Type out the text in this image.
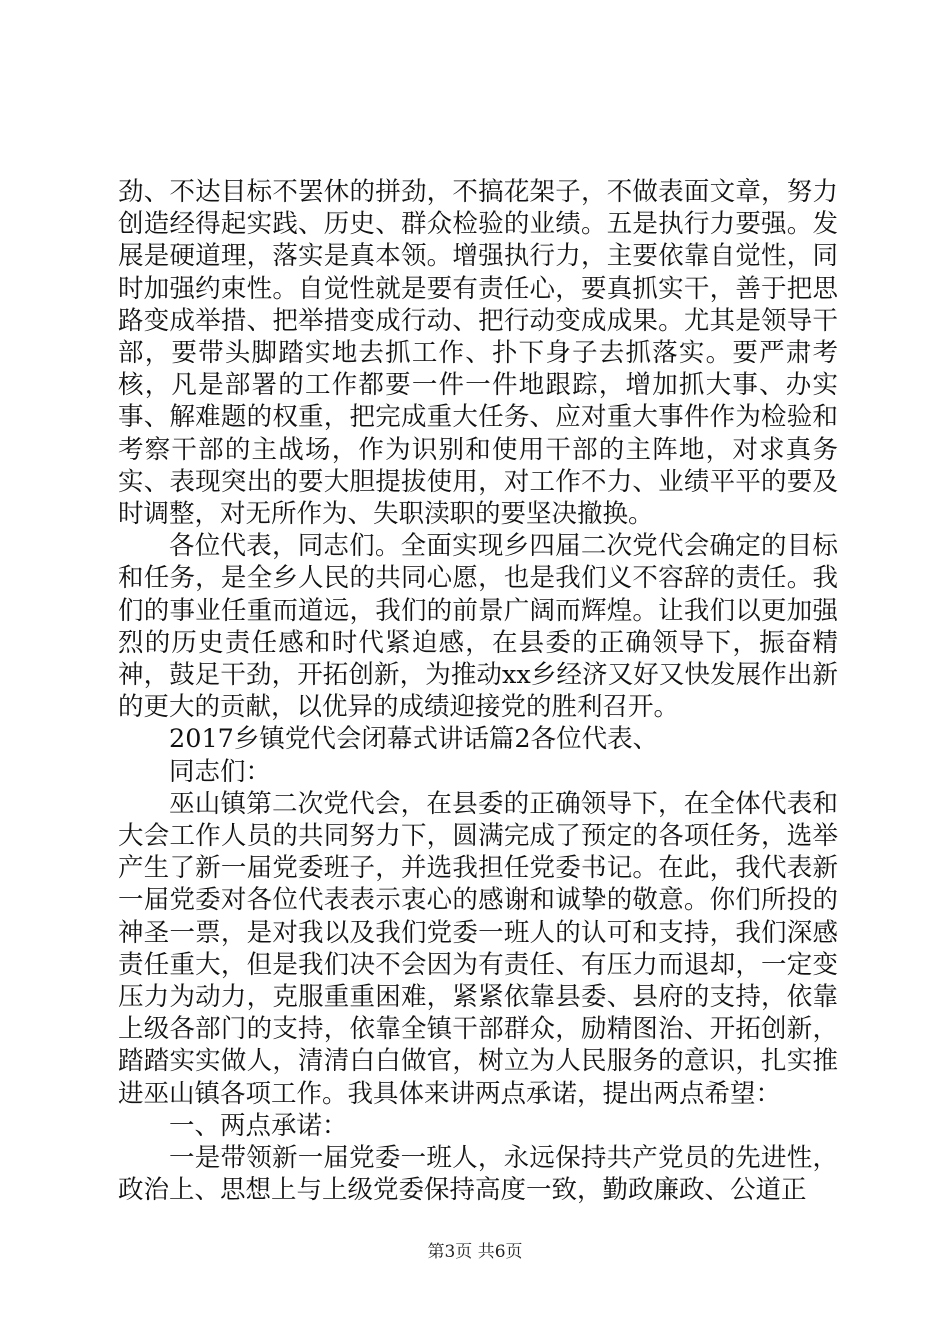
劲、不达目标不罢休的拼劲，不搞花架子，不做表面文章，努力创造经得起实践、历史、群众检验的业绩。五是执行力要强。发展是硬道理，落实是真本领。增强执行力，主要依靠自觉性，同时加强约束性。自觉性就是要有责任心，要真抓实干，善于把思路变成举措、把举措变成行动、把行动变成成果。尤其是领导干部，要带头脚踏实地去抓工作、扑下身子去抓落实。要严肃考核，凡是部署的工作都要一件一件地跟踪，增加抓大事、办实事、解难题的权重，把完成重大任务、应对重大事件作为检验和考察干部的主战场，作为识别和使用干部的主阵地，对求真务实、表现突出的要大胆提拔使用，对工作不力、业绩平平的要及时调整，对无所作为、失职渎职的要坚决撤换。

各位代表，同志们。全面实现乡四届二次党代会确定的目标和任务，是全乡人民的共同心愿，也是我们义不容辞的责任。我们的事业任重而道远，我们的前景广阔而辉煌。让我们以更加强烈的历史责任感和时代紧迫感，在县委的正确领导下，振奋精神，鼓足干劲，开拓创新，为推动xx乡经济又好又快发展作出新的更大的贡献，以优异的成绩迎接党的胜利召开。

2017乡镇党代会闭幕式讲话篇2各位代表、

同志们：

巫山镇第二次党代会，在县委的正确领导下，在全体代表和大会工作人员的共同努力下，圆满完成了预定的各项任务，选举产生了新一届党委班子，并选我担任党委书记。在此，我代表新一届党委对各位代表表示衷心的感谢和诚挚的敬意。你们所投的神圣一票，是对我以及我们党委一班人的认可和支持，我们深感责任重大，但是我们决不会因为有责任、有压力而退却，一定变压力为动力，克服重重困难，紧紧依靠县委、县府的支持，依靠上级各部门的支持，依靠全镇干部群众，励精图治、开拓创新，踏踏实实做人，清清白白做官，树立为人民服务的意识，扎实推进巫山镇各项工作。我具体来讲两点承诺，提出两点希望：

一、两点承诺：

一是带领新一届党委一班人，永远保持共产党员的先进性，政治上、思想上与上级党委保持高度一致，勤政廉政、公道正

第3页 共6页
